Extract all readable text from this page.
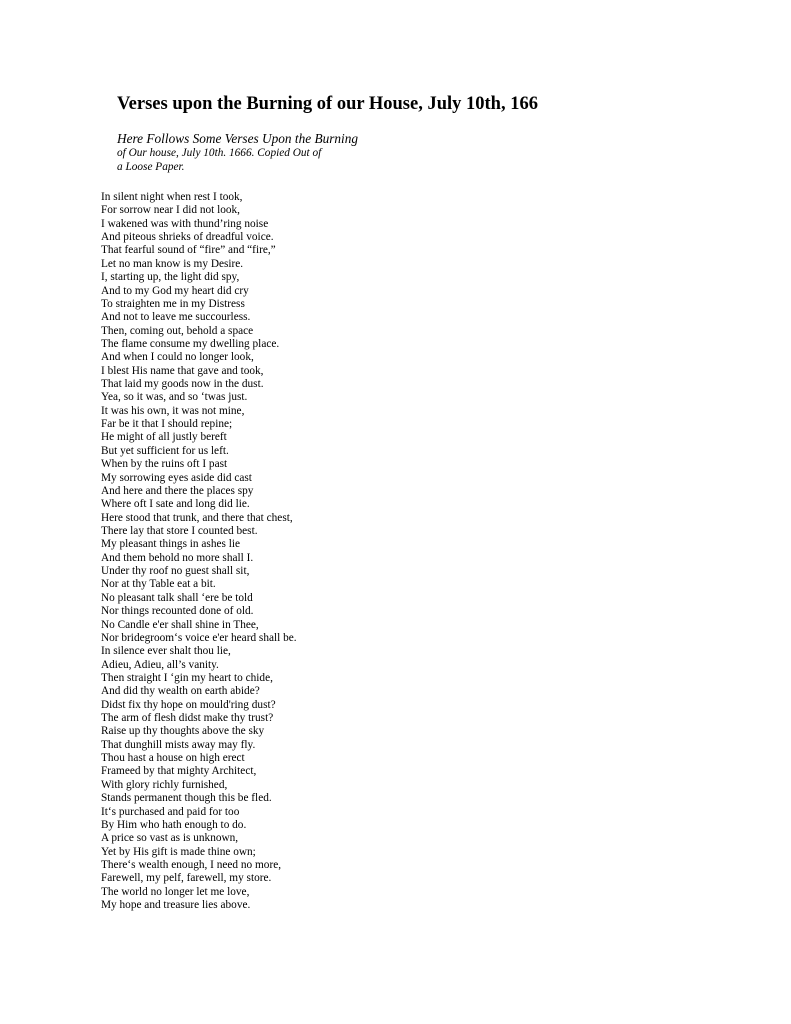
Verses upon the Burning of our House, July 10th, 166
Here Follows Some Verses Upon the Burning
of Our house, July 10th. 1666. Copied Out of
a Loose Paper.
In silent night when rest I took,
For sorrow near I did not look,
I wakened was with thund’ring noise
And piteous shrieks of dreadful voice.
That fearful sound of “fire” and “fire,”
Let no man know is my Desire.
I, starting up, the light did spy,
And to my God my heart did cry
To straighten me in my Distress
And not to leave me succourless.
Then, coming out, behold a space
The flame consume my dwelling place.
And when I could no longer look,
I blest His name that gave and took,
That laid my goods now in the dust.
Yea, so it was, and so ‘twas just.
It was his own, it was not mine,
Far be it that I should repine;
He might of all justly bereft
But yet sufficient for us left.
When by the ruins oft I past
My sorrowing eyes aside did cast
And here and there the places spy
Where oft I sate and long did lie.
Here stood that trunk, and there that chest,
There lay that store I counted best.
My pleasant things in ashes lie
And them behold no more shall I.
Under thy roof no guest shall sit,
Nor at thy Table eat a bit.
No pleasant talk shall ‘ere be told
Nor things recounted done of old.
No Candle e'er shall shine in Thee,
Nor bridegroom‘s voice e'er heard shall be.
In silence ever shalt thou lie,
Adieu, Adieu, all’s vanity.
Then straight I ‘gin my heart to chide,
And did thy wealth on earth abide?
Didst fix thy hope on mould'ring dust?
The arm of flesh didst make thy trust?
Raise up thy thoughts above the sky
That dunghill mists away may fly.
Thou hast a house on high erect
Frameed by that mighty Architect,
With glory richly furnished,
Stands permanent though this be fled.
It‘s purchased and paid for too
By Him who hath enough to do.
A price so vast as is unknown,
Yet by His gift is made thine own;
There‘s wealth enough, I need no more,
Farewell, my pelf, farewell, my store.
The world no longer let me love,
My hope and treasure lies above.
